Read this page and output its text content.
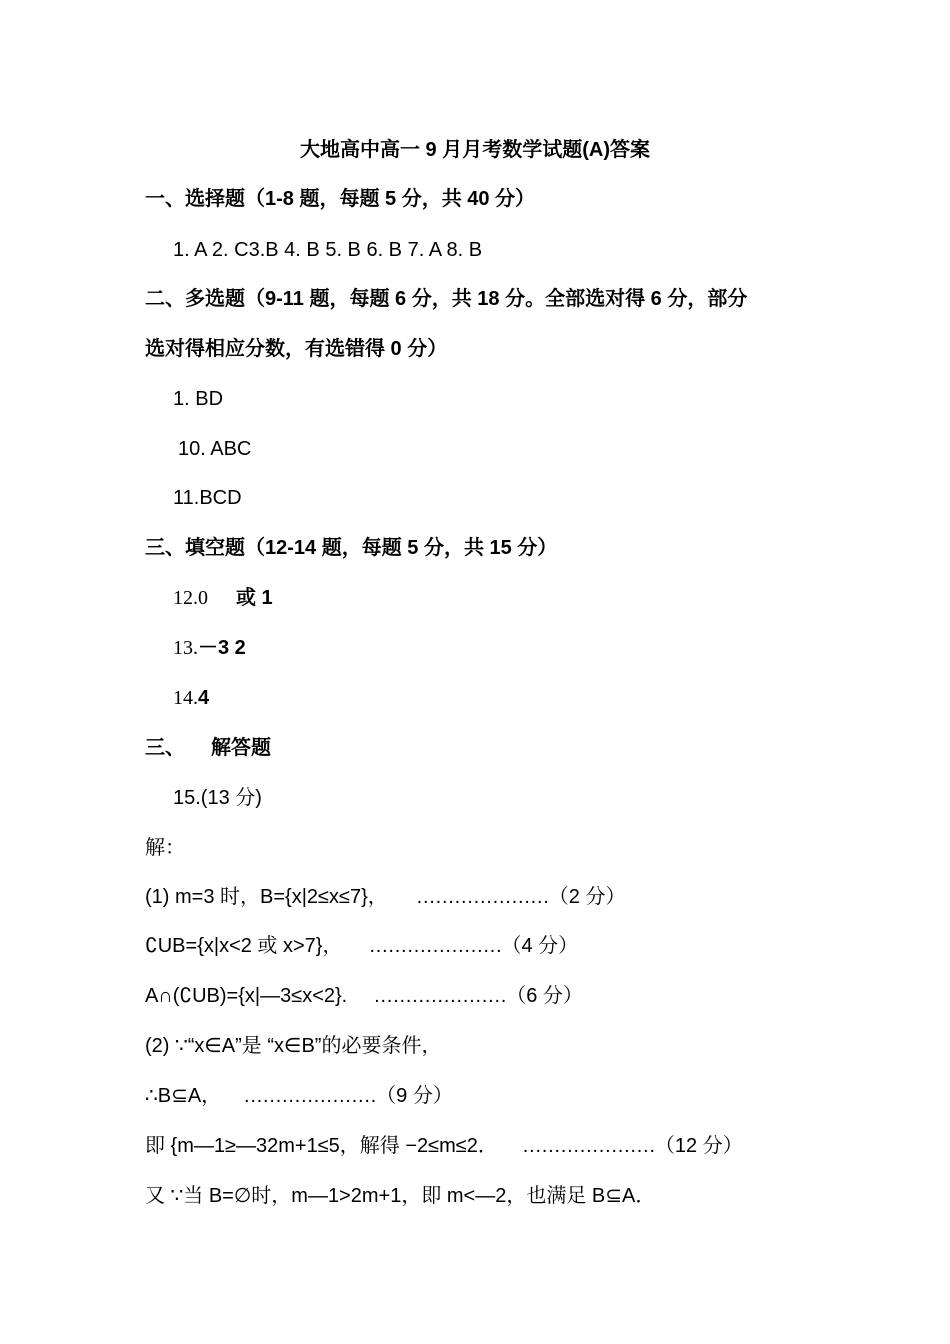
大地高中高一 9 月月考数学试题(A)答案
一、选择题（1-8 题，每题 5 分，共 40 分）
1. A 2. C3.B 4. B 5. B 6. B 7. A 8. B
二、多选题（9-11 题，每题 6 分，共 18 分。全部选对得 6 分，部分
选对得相应分数，有选错得 0 分）
1. BD
10. ABC
11.BCD
三、填空题（12-14 题，每题 5 分，共 15 分）
12.0 或 1
13.－3 2
14.4
三、 解答题
15.(13 分)
解：
(1) m=3 时，B={x|2≤x≤7}， …………………（2 分）
∁UB={x|x<2 或 x>7}， …………………（4 分）
A∩(∁UB)={x|—3≤x<2}. …………………（6 分）
(2) ∵“x∈A”是 “x∈B”的必要条件，
∴B⊆A， …………………（9 分）
即 {m—1≥—32m+1≤5，解得 −2≤m≤2． …………………（12 分）
又 ∵当 B=∅时，m—1>2m+1，即 m<—2，也满足 B⊆A．
